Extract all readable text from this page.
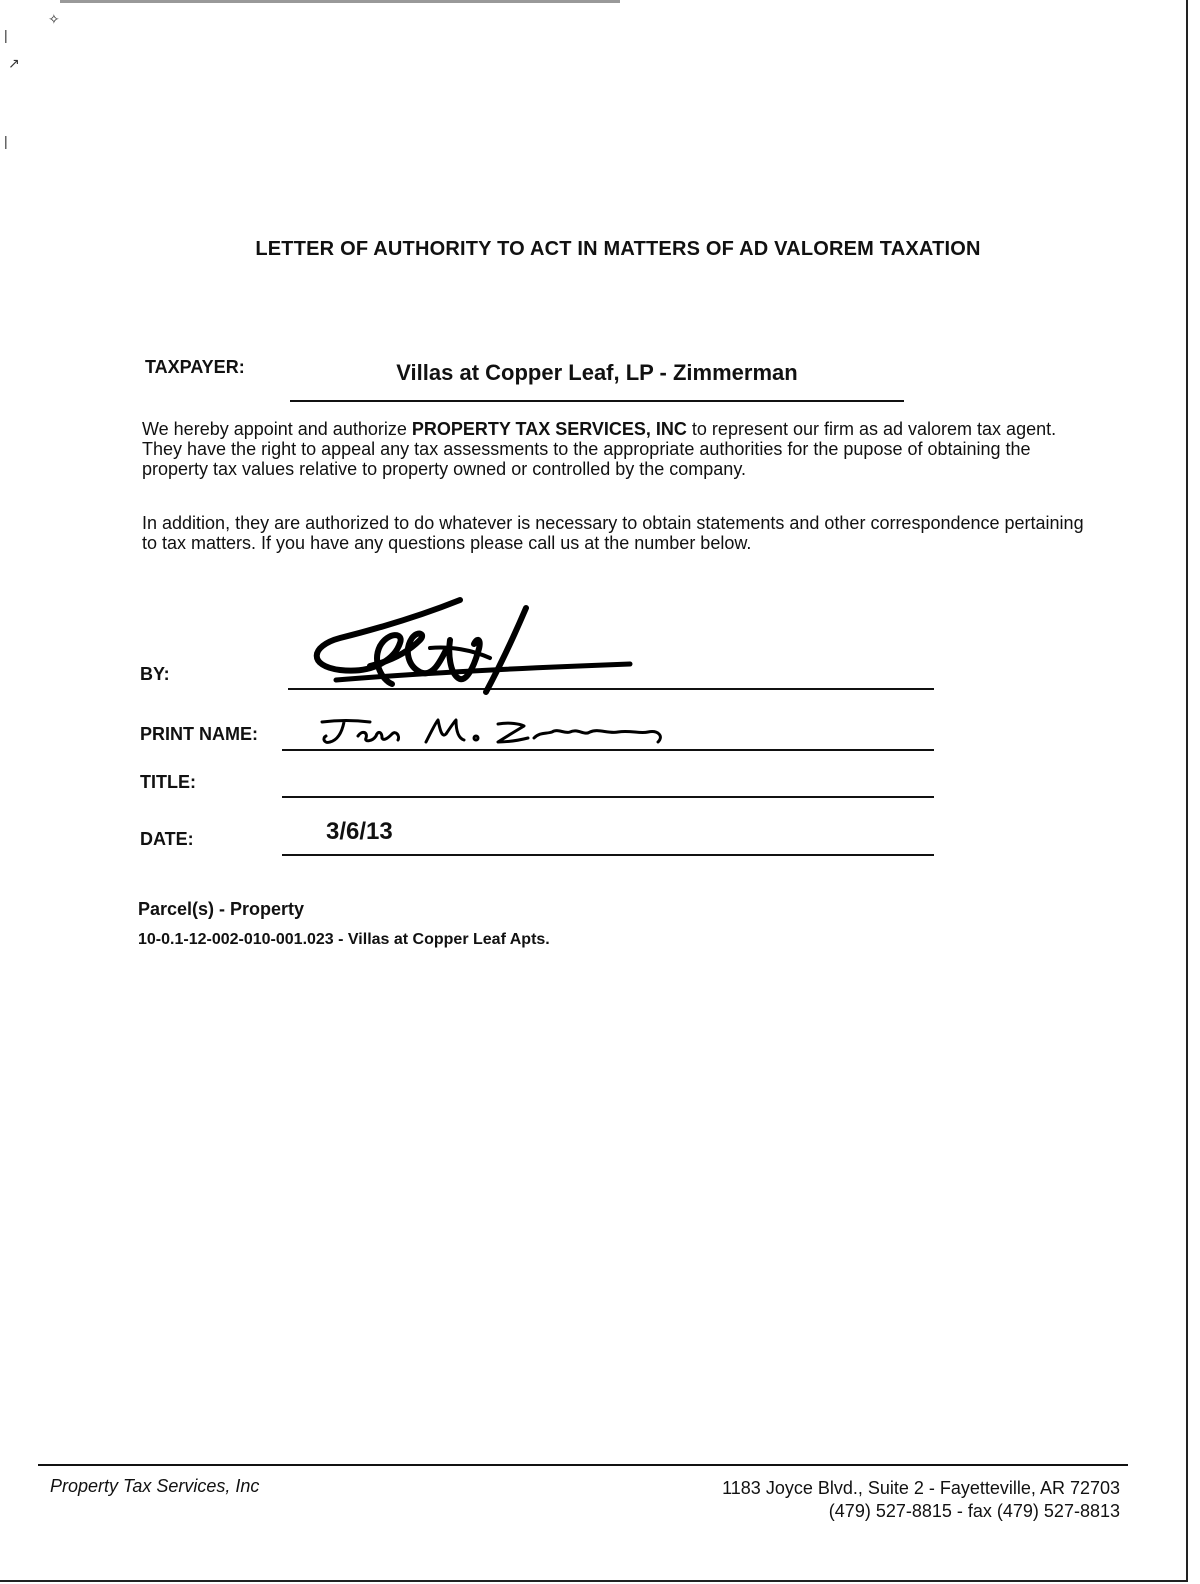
✧
|
↗
|
LETTER OF AUTHORITY TO ACT IN MATTERS OF AD VALOREM TAXATION
TAXPAYER:	Villas at Copper Leaf, LP - Zimmerman
We hereby appoint and authorize PROPERTY TAX SERVICES, INC to represent our firm as ad valorem tax agent. They have the right to appeal any tax assessments to the appropriate authorities for the pupose of obtaining the property tax values relative to property owned or controlled by the company.
In addition, they are authorized to do whatever is necessary to obtain statements and other correspondence pertaining to tax matters. If you have any questions please call us at the number below.
BY:
PRINT NAME:
TITLE:
DATE:	3/6/13
Parcel(s) - Property
10-0.1-12-002-010-001.023 - Villas at Copper Leaf Apts.
Property Tax Services, Inc	1183 Joyce Blvd., Suite 2 - Fayetteville, AR 72703
(479) 527-8815 - fax (479) 527-8813
